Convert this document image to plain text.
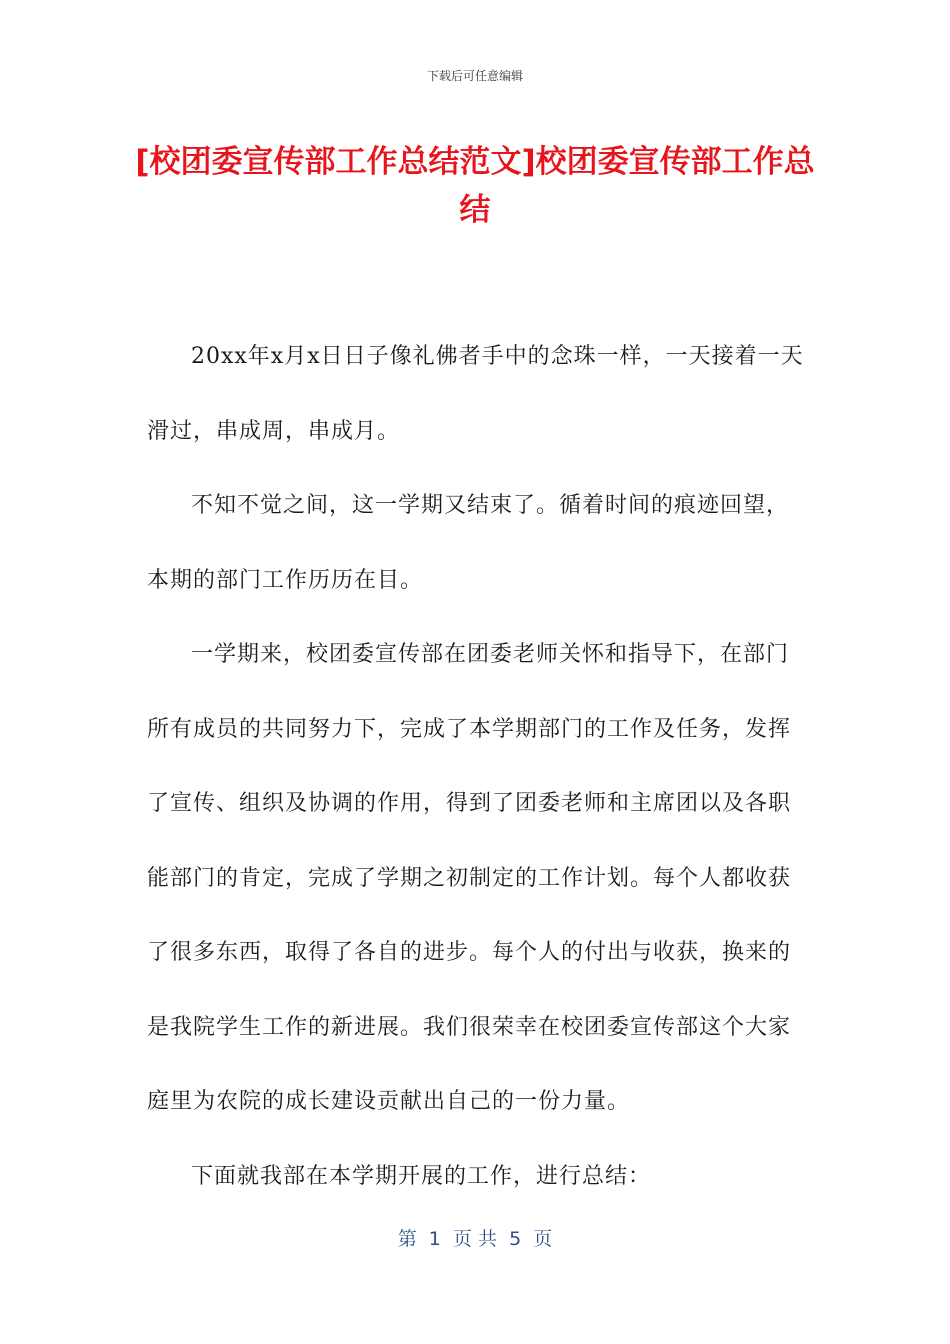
下载后可任意编辑
[校团委宣传部工作总结范文]校团委宣传部工作总结

20xx年x月x日日子像礼佛者手中的念珠一样，一天接着一天滑过，串成周，串成月。

不知不觉之间，这一学期又结束了。循着时间的痕迹回望，本期的部门工作历历在目。

一学期来，校团委宣传部在团委老师关怀和指导下，在部门所有成员的共同努力下，完成了本学期部门的工作及任务，发挥了宣传、组织及协调的作用，得到了团委老师和主席团以及各职能部门的肯定，完成了学期之初制定的工作计划。每个人都收获了很多东西，取得了各自的进步。每个人的付出与收获，换来的是我院学生工作的新进展。我们很荣幸在校团委宣传部这个大家庭里为农院的成长建设贡献出自己的一份力量。

下面就我部在本学期开展的工作，进行总结：

第  1  页 共  5  页
